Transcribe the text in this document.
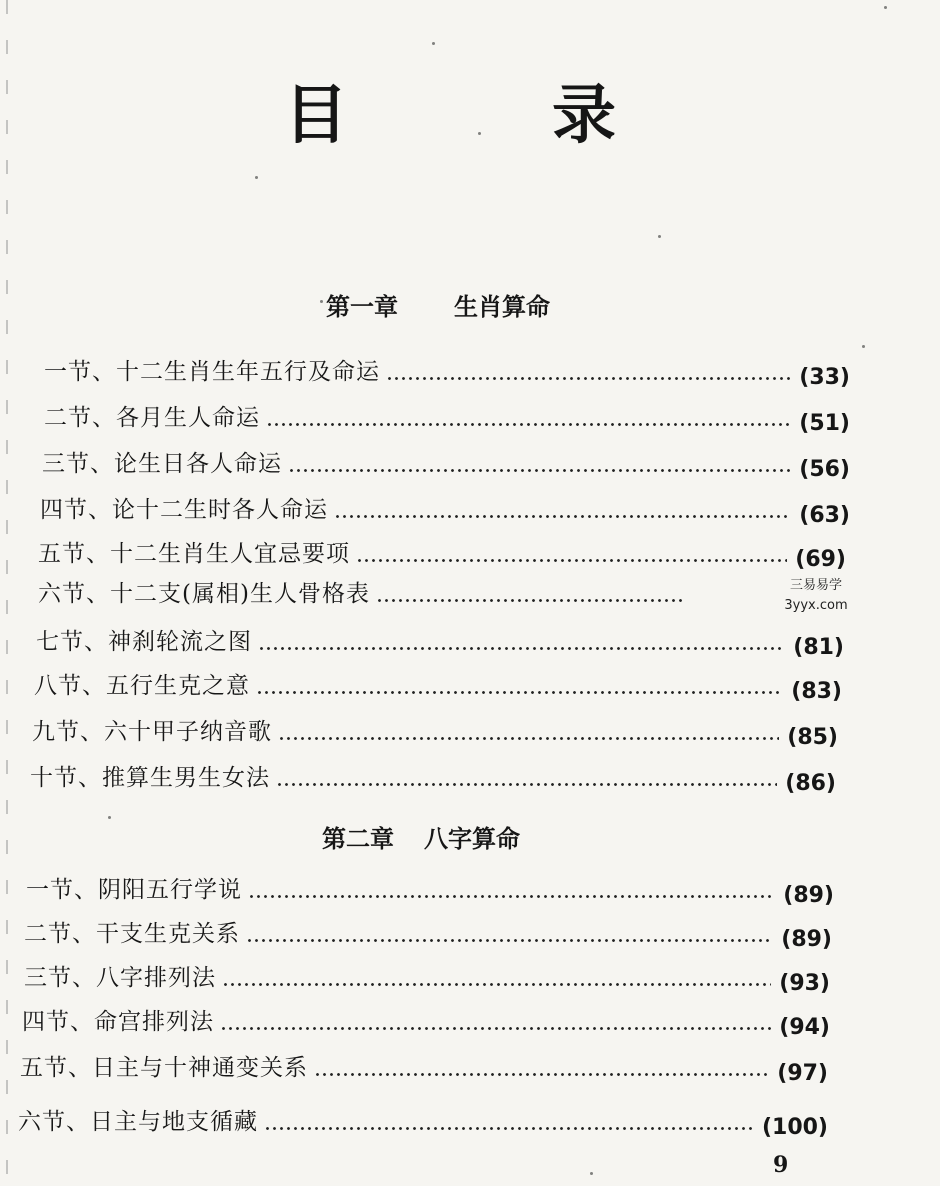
目	录
第一章 生肖算命
一节、十二生肖生年五行及命运	(33)
二节、各月生人命运	(51)
三节、论生日各人命运	(56)
四节、论十二生时各人命运	(63)
五节、十二生肖生人宜忌要项	(69)
六节、十二支(属相)生人骨格表
七节、神刹轮流之图	(81)
八节、五行生克之意	(83)
九节、六十甲子纳音歌	(85)
十节、推算生男生女法	(86)
第二章 八字算命
一节、阴阳五行学说	(89)
二节、干支生克关系	(89)
三节、八字排列法	(93)
四节、命宫排列法	(94)
五节、日主与十神通变关系	(97)
六节、日主与地支循藏	(100)
三易易学
3yyx.com
9
